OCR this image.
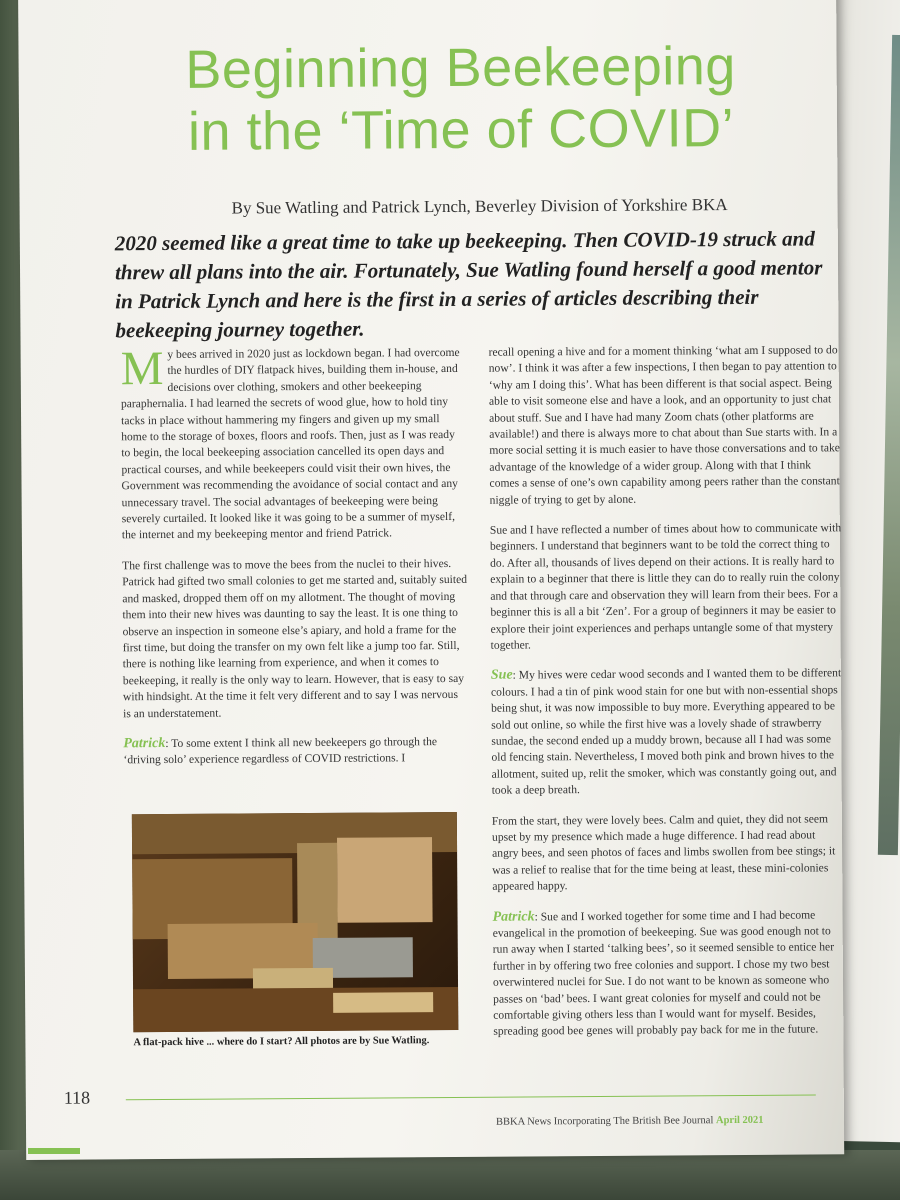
Beginning Beekeeping
in the ‘Time of COVID’

By Sue Watling and Patrick Lynch, Beverley Division of Yorkshire BKA

2020 seemed like a great time to take up beekeeping. Then COVID-19 struck and threw all plans into the air. Fortunately, Sue Watling found herself a good mentor in Patrick Lynch and here is the first in a series of articles describing their beekeeping journey together.

My bees arrived in 2020 just as lockdown began. I had overcome the hurdles of DIY flatpack hives, building them in-house, and decisions over clothing, smokers and other beekeeping paraphernalia. I had learned the secrets of wood glue, how to hold tiny tacks in place without hammering my fingers and given up my small home to the storage of boxes, floors and roofs. Then, just as I was ready to begin, the local beekeeping association cancelled its open days and practical courses, and while beekeepers could visit their own hives, the Government was recommending the avoidance of social contact and any unnecessary travel. The social advantages of beekeeping were being severely curtailed. It looked like it was going to be a summer of myself, the internet and my beekeeping mentor and friend Patrick.

The first challenge was to move the bees from the nuclei to their hives. Patrick had gifted two small colonies to get me started and, suitably suited and masked, dropped them off on my allotment. The thought of moving them into their new hives was daunting to say the least. It is one thing to observe an inspection in someone else’s apiary, and hold a frame for the first time, but doing the transfer on my own felt like a jump too far. Still, there is nothing like learning from experience, and when it comes to beekeeping, it really is the only way to learn. However, that is easy to say with hindsight. At the time it felt very different and to say I was nervous is an understatement.

Patrick: To some extent I think all new beekeepers go through the ‘driving solo’ experience regardless of COVID restrictions. I

A flat-pack hive ... where do I start? All photos are by Sue Watling.

recall opening a hive and for a moment thinking ‘what am I supposed to do now’. I think it was after a few inspections, I then began to pay attention to ‘why am I doing this’. What has been different is that social aspect. Being able to visit someone else and have a look, and an opportunity to just chat about stuff. Sue and I have had many Zoom chats (other platforms are available!) and there is always more to chat about than Sue starts with. In a more social setting it is much easier to have those conversations and to take advantage of the knowledge of a wider group. Along with that I think comes a sense of one’s own capability among peers rather than the constant niggle of trying to get by alone.

Sue and I have reflected a number of times about how to communicate with beginners. I understand that beginners want to be told the correct thing to do. After all, thousands of lives depend on their actions. It is really hard to explain to a beginner that there is little they can do to really ruin the colony and that through care and observation they will learn from their bees. For a beginner this is all a bit ‘Zen’. For a group of beginners it may be easier to explore their joint experiences and perhaps untangle some of that mystery together.

Sue: My hives were cedar wood seconds and I wanted them to be different colours. I had a tin of pink wood stain for one but with non-essential shops being shut, it was now impossible to buy more. Everything appeared to be sold out online, so while the first hive was a lovely shade of strawberry sundae, the second ended up a muddy brown, because all I had was some old fencing stain. Nevertheless, I moved both pink and brown hives to the allotment, suited up, relit the smoker, which was constantly going out, and took a deep breath.

From the start, they were lovely bees. Calm and quiet, they did not seem upset by my presence which made a huge difference. I had read about angry bees, and seen photos of faces and limbs swollen from bee stings; it was a relief to realise that for the time being at least, these mini-colonies appeared happy.

Patrick: Sue and I worked together for some time and I had become evangelical in the promotion of beekeeping. Sue was good enough not to run away when I started ‘talking bees’, so it seemed sensible to entice her further in by offering two free colonies and support. I chose my two best overwintered nuclei for Sue. I do not want to be known as someone who passes on ‘bad’ bees. I want great colonies for myself and could not be comfortable giving others less than I would want for myself. Besides, spreading good bee genes will probably pay back for me in the future.

118
BBKA News Incorporating The British Bee Journal April 2021
